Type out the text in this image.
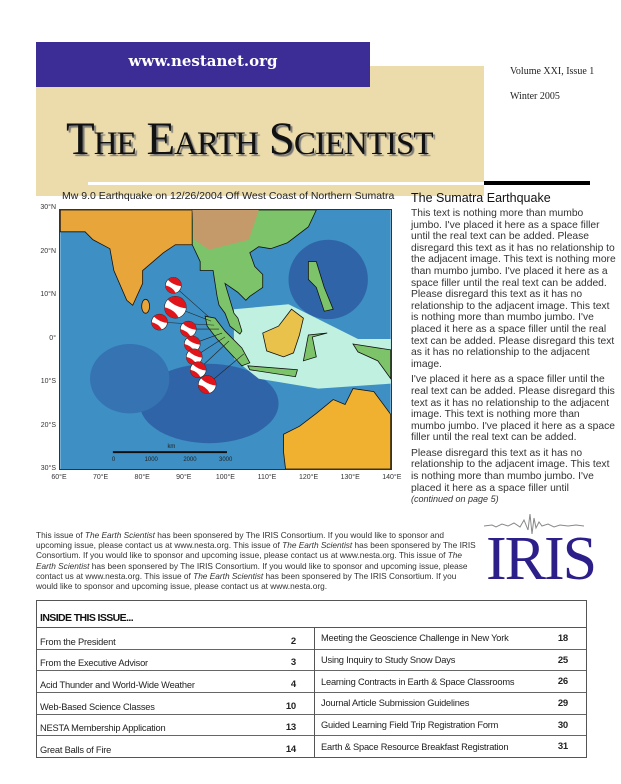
www.nestanet.org
Volume XXI, Issue 1
Winter 2005
The Earth Scientist
Mw 9.0 Earthquake on 12/26/2004 Off West Coast of Northern Sumatra
km
0	1000	2000	3000
30°N
20°N
10°N
0°
10°S
20°S
30°S
60°E	70°E	80°E	90°E	100°E	110°E	120°E	130°E	140°E
The Sumatra Earthquake

This text is nothing more than mumbo jumbo. I've placed it here as a space filler until the real text can be added. Please disregard this text as it has no relationship to the adjacent image. This text is nothing more than mumbo jumbo. I've placed it here as a space filler until the real text can be added. Please disregard this text as it has no relationship to the adjacent image. This text is nothing more than mumbo jumbo. I've placed it here as a space filler until the real text can be added. Please disregard this text as it has no relationship to the adjacent image.

I've placed it here as a space filler until the real text can be added. Please disregard this text as it has no relationship to the adjacent image. This text is nothing more than mumbo jumbo. I've placed it here as a space filler until the real text can be added.

Please disregard this text as it has no relationship to the adjacent image. This text is nothing more than mumbo jumbo. I've placed it here as a space filler until
(continued on page 5)

This issue of The Earth Scientist has been sponsered by The IRIS Consortium. If you would like to sponsor and upcoming issue, please contact us at www.nesta.org. This issue of The Earth Scientist has been sponsered by The IRIS Consortium. If you would like to sponsor and upcoming issue, please contact us at www.nesta.org. This issue of The Earth Scientist has been sponsered by The IRIS Consortium. If you would like to sponsor and upcoming issue, please contact us at www.nesta.org. This issue of The Earth Scientist has been sponsered by The IRIS Consortium. If you would like to sponsor and upcoming issue, please contact us at www.nesta.org.	IRIS
INSIDE THIS ISSUE...
From the President	2
From the Executive Advisor	3
Acid Thunder and World-Wide Weather	4
Web-Based Science Classes	10
NESTA Membership Application	13
Great Balls of Fire	14
Meeting the Geoscience Challenge in New York	18
Using Inquiry to Study Snow Days	25
Learning Contracts in Earth & Space Classrooms	26
Journal Article Submission Guidelines	29
Guided Learning Field Trip Registration Form	30
Earth & Space Resource Breakfast Registration	31
